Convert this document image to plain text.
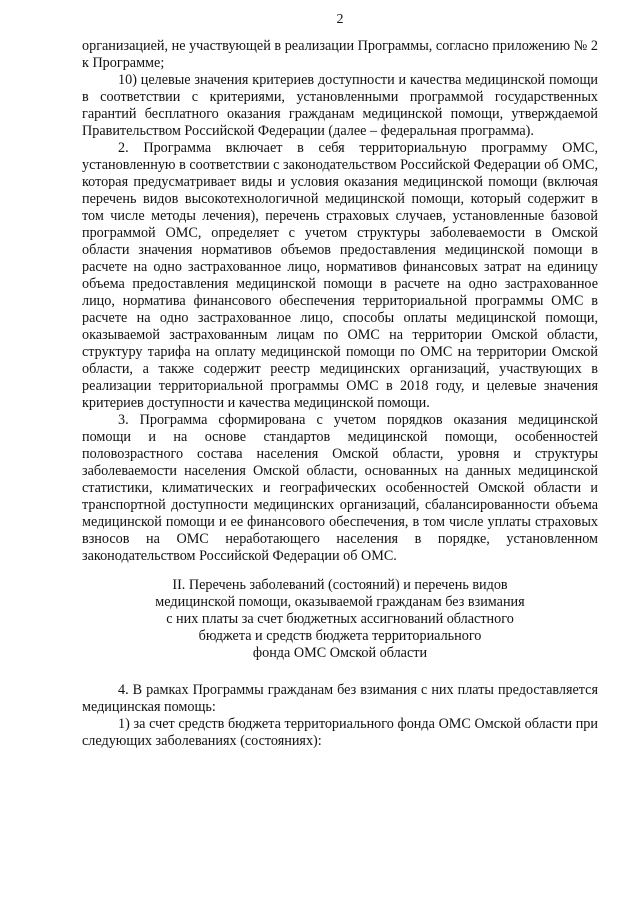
2

организацией, не участвующей в реализации Программы, согласно приложению № 2 к Программе;

10) целевые значения критериев доступности и качества медицинской помощи в соответствии с критериями, установленными программой государственных гарантий бесплатного оказания гражданам медицинской помощи, утверждаемой Правительством Российской Федерации (далее – федеральная программа).

2. Программа включает в себя территориальную программу ОМС, установленную в соответствии с законодательством Российской Федерации об ОМС, которая предусматривает виды и условия оказания медицинской помощи (включая перечень видов высокотехнологичной медицинской помощи, который содержит в том числе методы лечения), перечень страховых случаев, установленные базовой программой ОМС, определяет с учетом структуры заболеваемости в Омской области значения нормативов объемов предоставления медицинской помощи в расчете на одно застрахованное лицо, нормативов финансовых затрат на единицу объема предоставления медицинской помощи в расчете на одно застрахованное лицо, норматива финансового обеспечения территориальной программы ОМС в расчете на одно застрахованное лицо, способы оплаты медицинской помощи, оказываемой застрахованным лицам по ОМС на территории Омской области, структуру тарифа на оплату медицинской помощи по ОМС на территории Омской области, а также содержит реестр медицинских организаций, участвующих в реализации территориальной программы ОМС в 2018 году, и целевые значения критериев доступности и качества медицинской помощи.

3. Программа сформирована с учетом порядков оказания медицинской помощи и на основе стандартов медицинской помощи, особенностей половозрастного состава населения Омской области, уровня и структуры заболеваемости населения Омской области, основанных на данных медицинской статистики, климатических и географических особенностей Омской области и транспортной доступности медицинских организаций, сбалансированности объема медицинской помощи и ее финансового обеспечения, в том числе уплаты страховых взносов на ОМС неработающего населения в порядке, установленном законодательством Российской Федерации об ОМС.

II. Перечень заболеваний (состояний) и перечень видов
медицинской помощи, оказываемой гражданам без взимания
с них платы за счет бюджетных ассигнований областного
бюджета и средств бюджета территориального
фонда ОМС Омской области

4. В рамках Программы гражданам без взимания с них платы предоставляется медицинская помощь:

1) за счет средств бюджета территориального фонда ОМС Омской области при следующих заболеваниях (состояниях):
